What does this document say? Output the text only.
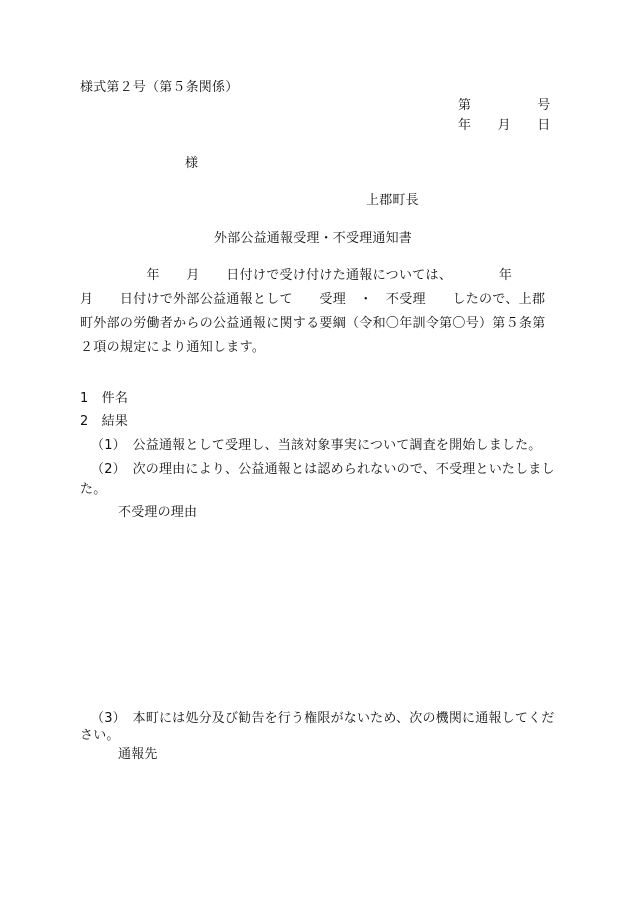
様式第２号（第５条関係）
第　　　　　号
年　　月　　日
様
上郡町長
外部公益通報受理・不受理通知書
　　　　　年　　月　　日付けで受け付けた通報については、　　　　年
月　　日付けで外部公益通報として　　受理　・　不受理　　したので、上郡
町外部の労働者からの公益通報に関する要綱（令和〇年訓令第〇号）第５条第
２項の規定により通知します。
1　件名
2　結果
（1）　公益通報として受理し、当該対象事実について調査を開始しました。
（2）　次の理由により、公益通報とは認められないので、不受理といたしまし
た。
不受理の理由
（3）　本町には処分及び勧告を行う権限がないため、次の機関に通報してくだ
さい。
通報先
